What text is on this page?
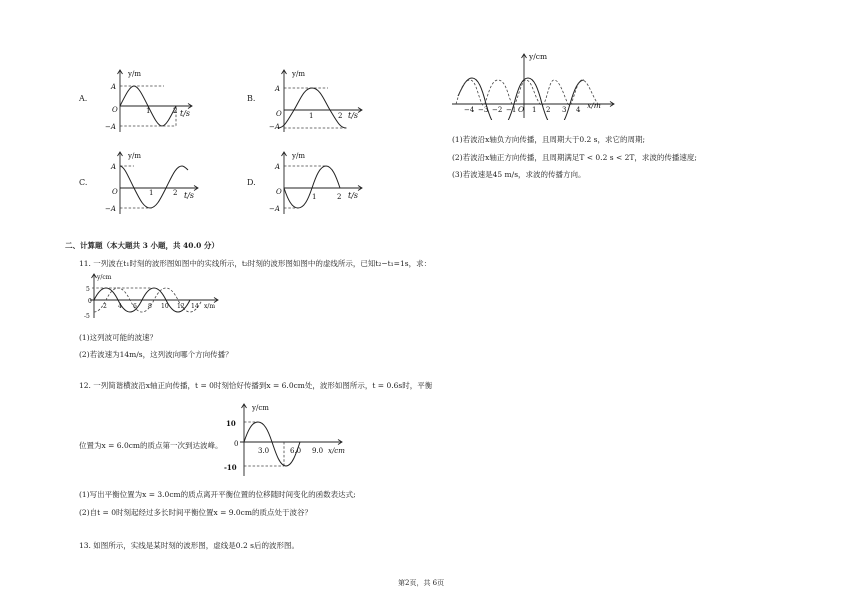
A.
y/m
A
−A
O	1	2 t/s
B.
y/m
A
−A
O	1	2 t/s
C.
y/m
A
−A
O	1	2 t/s
D.
y/m
A
−A
O
1	2 t/s
y/cm
x/m
O
−4 −3 −2 −1 1 2 3 4
(1)若波沿x轴负方向传播，且周期大于0.2 s，求它的周期;
(2)若波沿x轴正方向传播，且周期满足T < 0.2 s < 2T，求波的传播速度;
(3)若波速是45 m/s，求波的传播方向。
二、计算题（本大题共 3 小题，共 40.0 分）
11. 一列波在t₁时刻的波形图如图中的实线所示，t₂时刻的波形图如图中的虚线所示，已知t₂−t₁=1s，求：
y/cm
x/m
5
-5
0
2 4 6 8 10 12 14
(1)这列波可能的波速？
(2)若波速为14m/s，这列波向哪个方向传播？
12. 一列简谐横波沿x轴正向传播，t = 0时刻恰好传播到x = 6.0cm处，波形如图所示，t = 0.6s时，平衡
y/cm
10
-10
0
3.0	6.0 9.0 x/cm
位置为x = 6.0cm的质点第一次到达波峰。
(1)写出平衡位置为x = 3.0cm的质点离开平衡位置的位移随时间变化的函数表达式;
(2)自t = 0时刻起经过多长时间平衡位置x = 9.0cm的质点处于波谷？
13. 如图所示，实线是某时刻的波形图，虚线是0.2 s后的波形图。
第2页，共 6页
